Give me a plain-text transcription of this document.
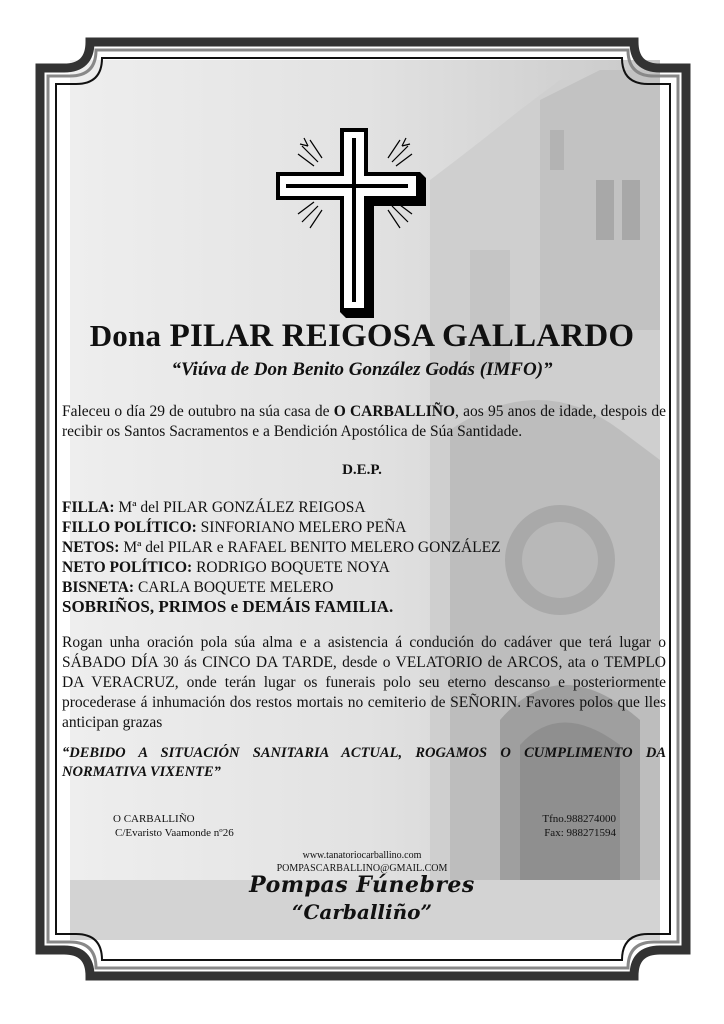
Dona PILAR REIGOSA GALLARDO
“Viúva de Don Benito González Godás (IMFO)”
Faleceu o día 29 de outubro na súa casa de O CARBALLIÑO, aos 95 anos de idade, despois de recibir os Santos Sacramentos e a Bendición Apostólica de Súa Santidade.
D.E.P.
FILLA: Mª del PILAR GONZÁLEZ REIGOSA
FILLO POLÍTICO: SINFORIANO MELERO PEÑA
NETOS: Mª del PILAR e RAFAEL BENITO MELERO GONZÁLEZ
NETO POLÍTICO: RODRIGO BOQUETE NOYA
BISNETA: CARLA BOQUETE MELERO
SOBRIÑOS, PRIMOS e DEMÁIS FAMILIA.
Rogan unha oración pola súa alma e a asistencia á condución do cadáver que terá lugar o SÁBADO DÍA 30 ás CINCO DA TARDE, desde o VELATORIO de ARCOS, ata o TEMPLO DA VERACRUZ, onde terán lugar os funerais polo seu eterno descanso e posteriormente procederase á inhumación dos restos mortais no cemiterio de SEÑORIN. Favores polos que lles anticipan grazas
“DEBIDO A SITUACIÓN SANITARIA ACTUAL, ROGAMOS O CUMPLIMENTO DA NORMATIVA VIXENTE”
O CARBALLIÑO
C/Evaristo Vaamonde nº26
Tfno.988274000
Fax: 988271594
www.tanatoriocarballino.com
POMPASCARBALLINO@GMAIL.COM
Pompas Fúnebres
“Carballiño”
